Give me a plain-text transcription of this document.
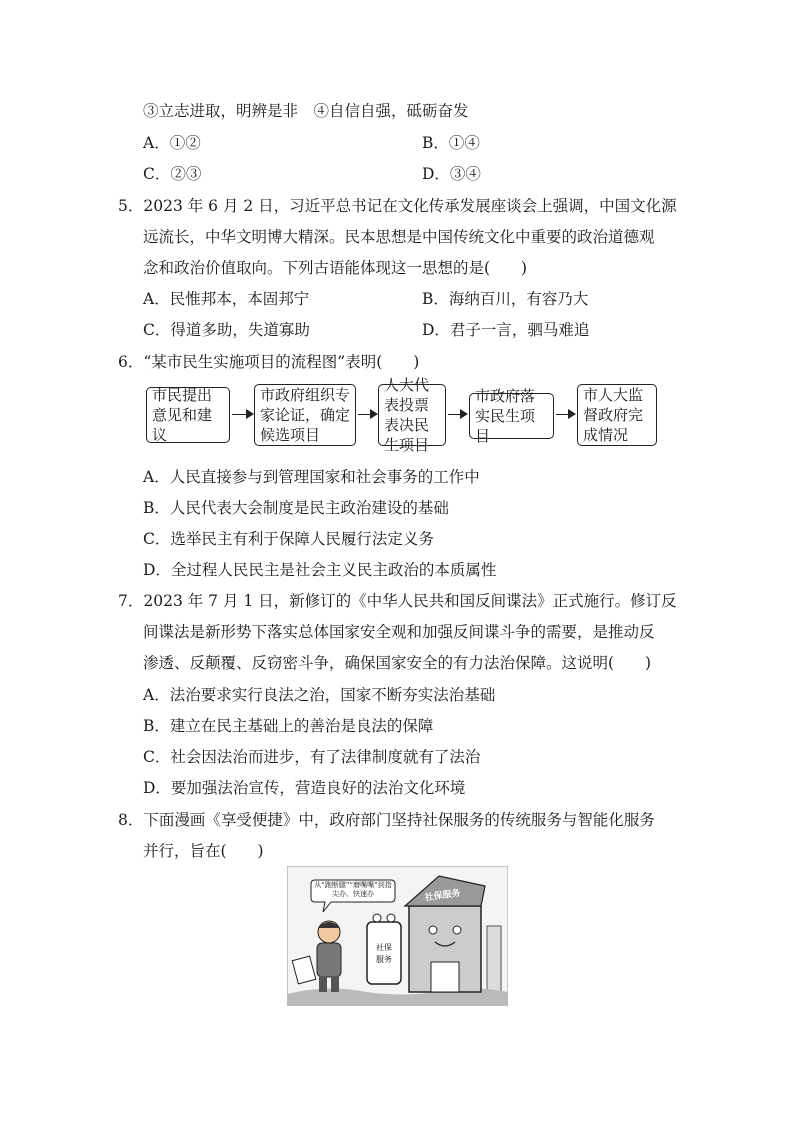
③立志进取，明辨是非　④自信自强，砥砺奋发
A．①②	B．①④
C．②③	D．③④
5．2023 年 6 月 2 日，习近平总书记在文化传承发展座谈会上强调，中国文化源
远流长，中华文明博大精深。民本思想是中国传统文化中重要的政治道德观
念和政治价值取向。下列古语能体现这一思想的是(　　)
A．民惟邦本，本固邦宁	B．海纳百川，有容乃大
C．得道多助，失道寡助	D．君子一言，驷马难追
6．“某市民生实施项目的流程图”表明(　　)
市民提出意见和建议
市政府组织专家论证，确定候选项目
人大代表投票表决民生项目
市政府落实民生项目
市人大监督政府完成情况
A．人民直接参与到管理国家和社会事务的工作中
B．人民代表大会制度是民主政治建设的基础
C．选举民主有利于保障人民履行法定义务
D．全过程人民民主是社会主义民主政治的本质属性
7．2023 年 7 月 1 日，新修订的《中华人民共和国反间谍法》正式施行。修订反
间谍法是新形势下落实总体国家安全观和加强反间谍斗争的需要，是推动反
渗透、反颠覆、反窃密斗争，确保国家安全的有力法治保障。这说明(　　)
A．法治要求实行良法之治，国家不断夯实法治基础
B．建立在民主基础上的善治是良法的保障
C．社会因法治而进步，有了法律制度就有了法治
D．要加强法治宣传，营造良好的法治文化环境
8．下面漫画《享受便捷》中，政府部门坚持社保服务的传统服务与智能化服务
并行，旨在(　　)
社保
服务
社保服务
从“跑断腿”“磨嘴嘴”到指尖办、快速办
